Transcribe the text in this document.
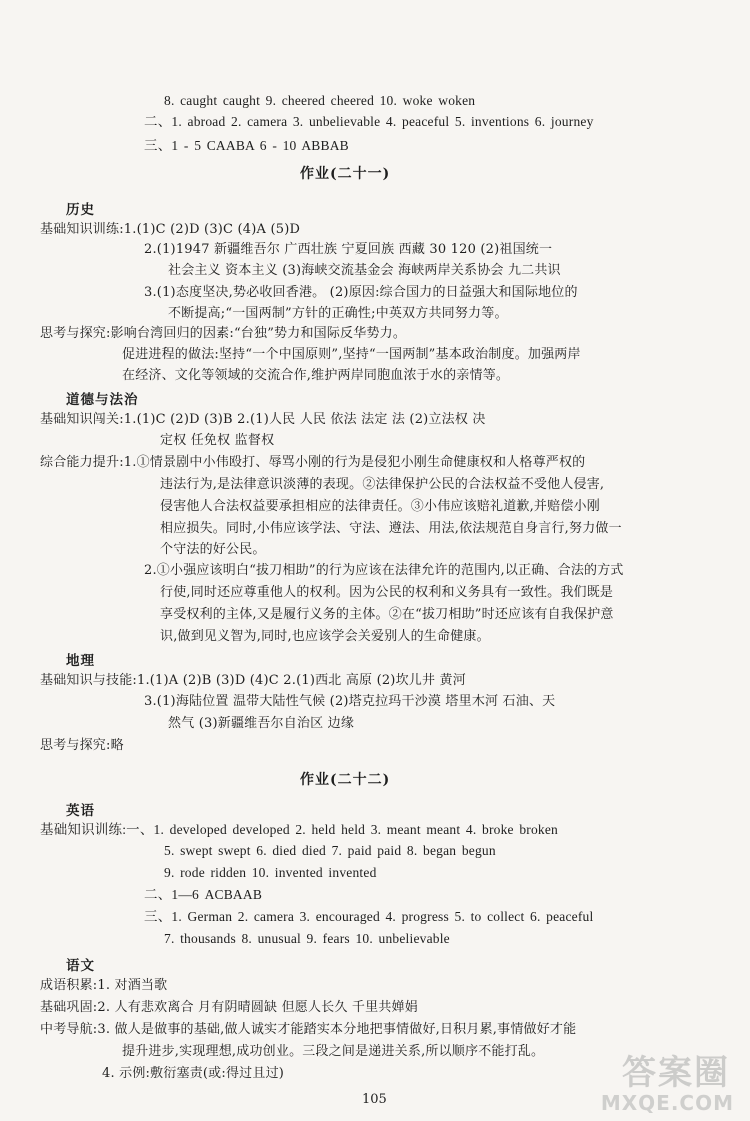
8. caught caught 9. cheered cheered 10. woke woken
二、1. abroad 2. camera 3. unbelievable 4. peaceful 5. inventions 6. journey
三、1 - 5 CAABA 6 - 10 ABBAB
作业(二十一)
历史
基础知识训练:1.(1)C (2)D (3)C (4)A (5)D
2.(1)1947 新疆维吾尔 广西壮族 宁夏回族 西藏 30 120 (2)祖国统一
社会主义 资本主义 (3)海峡交流基金会 海峡两岸关系协会 九二共识
3.(1)态度坚决,势必收回香港。 (2)原因:综合国力的日益强大和国际地位的
不断提高;“一国两制”方针的正确性;中英双方共同努力等。
思考与探究:影响台湾回归的因素:“台独”势力和国际反华势力。
促进进程的做法:坚持“一个中国原则”,坚持“一国两制”基本政治制度。加强两岸
在经济、文化等领域的交流合作,维护两岸同胞血浓于水的亲情等。
道德与法治
基础知识闯关:1.(1)C (2)D (3)B 2.(1)人民 人民 依法 法定 法 (2)立法权 决
定权 任免权 监督权
综合能力提升:1.①情景剧中小伟殴打、辱骂小刚的行为是侵犯小刚生命健康权和人格尊严权的
违法行为,是法律意识淡薄的表现。②法律保护公民的合法权益不受他人侵害,
侵害他人合法权益要承担相应的法律责任。③小伟应该赔礼道歉,并赔偿小刚
相应损失。同时,小伟应该学法、守法、遵法、用法,依法规范自身言行,努力做一
个守法的好公民。
2.①小强应该明白“拔刀相助”的行为应该在法律允许的范围内,以正确、合法的方式
行使,同时还应尊重他人的权利。因为公民的权利和义务具有一致性。我们既是
享受权利的主体,又是履行义务的主体。②在“拔刀相助”时还应该有自我保护意
识,做到见义智为,同时,也应该学会关爱别人的生命健康。
地理
基础知识与技能:1.(1)A (2)B (3)D (4)C 2.(1)西北 高原 (2)坎儿井 黄河
3.(1)海陆位置 温带大陆性气候 (2)塔克拉玛干沙漠 塔里木河 石油、天
然气 (3)新疆维吾尔自治区 边缘
思考与探究:略
作业(二十二)
英语
基础知识训练:一、1. developed developed 2. held held 3. meant meant 4. broke broken
5. swept swept 6. died died 7. paid paid 8. began begun
9. rode ridden 10. invented invented
二、1—6 ACBAAB
三、1. German 2. camera 3. encouraged 4. progress 5. to collect 6. peaceful
7. thousands 8. unusual 9. fears 10. unbelievable
语文
成语积累:1. 对酒当歌
基础巩固:2. 人有悲欢离合 月有阴晴圆缺 但愿人长久 千里共婵娟
中考导航:3. 做人是做事的基础,做人诚实才能踏实本分地把事情做好,日积月累,事情做好才能
提升进步,实现理想,成功创业。三段之间是递进关系,所以顺序不能打乱。
4. 示例:敷衍塞责(或:得过且过)
105
答案圈
MXQE.COM
